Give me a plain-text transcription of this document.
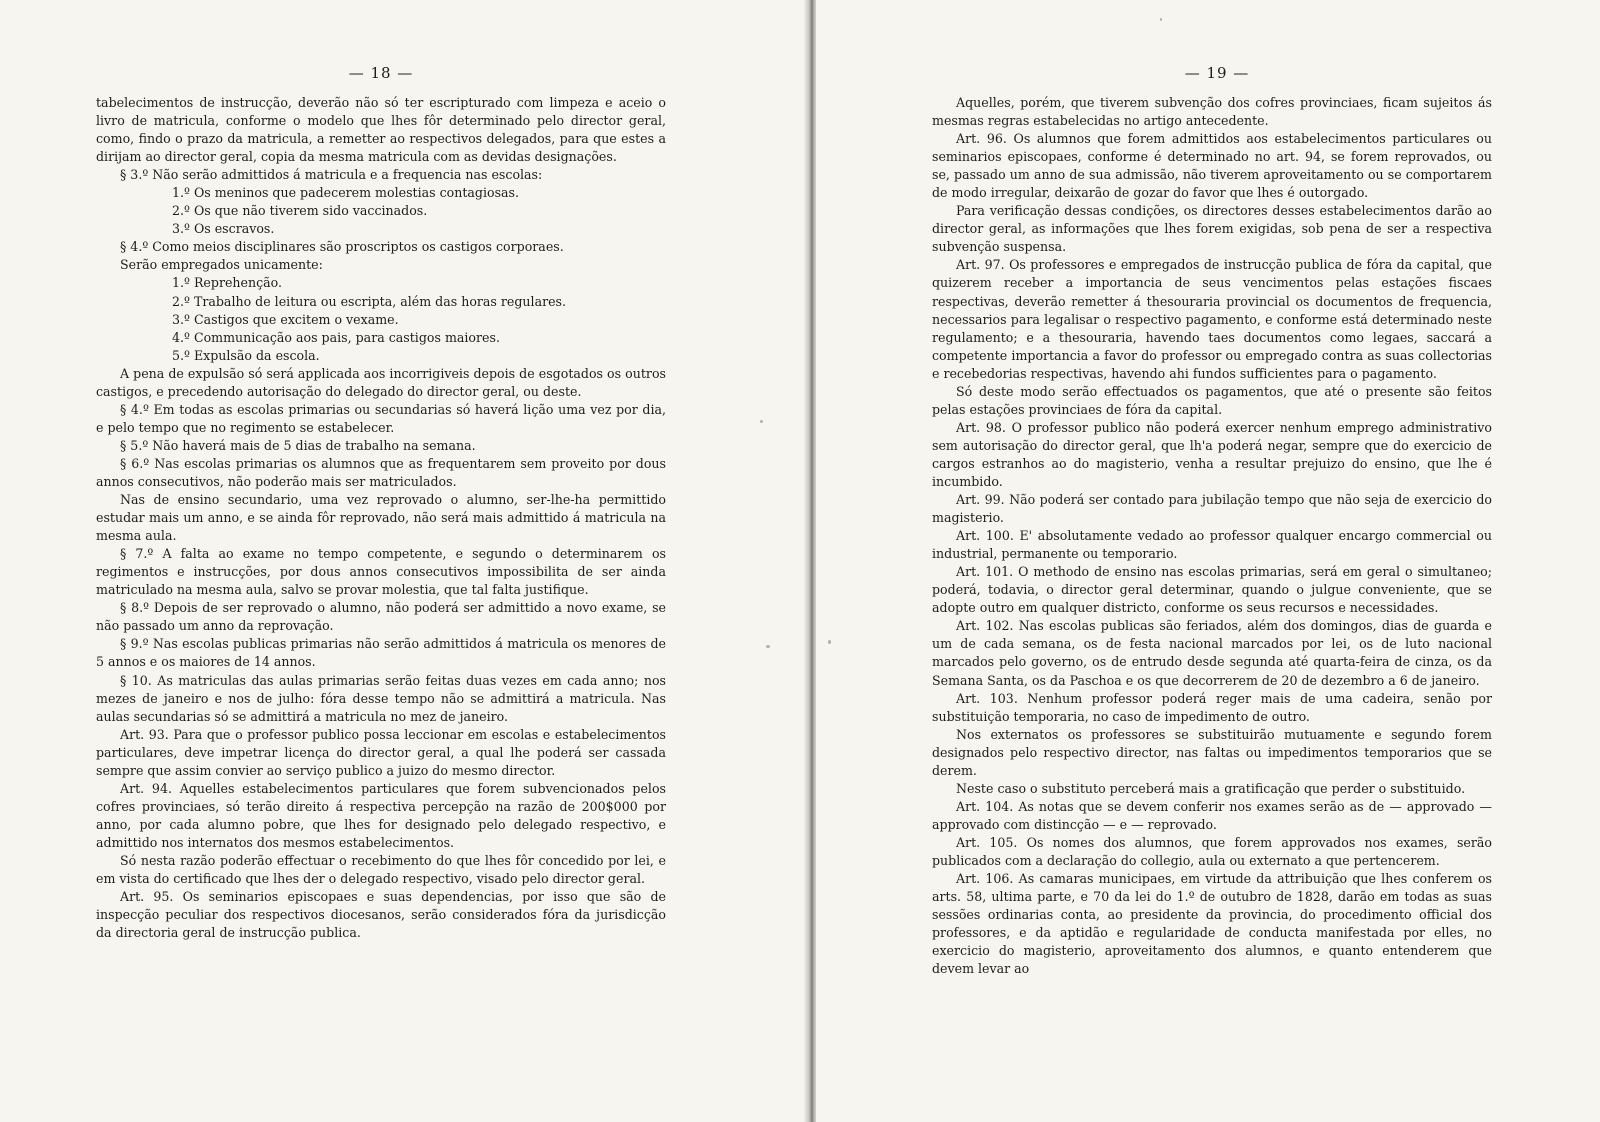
— 18 —

tabelecimentos de instrucção, deverão não só ter escripturado com limpeza e aceio o livro de matricula, conforme o modelo que lhes fôr determinado pelo director geral, como, findo o prazo da matricula, a remetter ao respectivos delegados, para que estes a dirijam ao director geral, copia da mesma matricula com as devidas designações.

§ 3.º Não serão admittidos á matricula e a frequencia nas escolas:

1.º Os meninos que padecerem molestias contagiosas.

2.º Os que não tiverem sido vaccinados.

3.º Os escravos.

§ 4.º Como meios disciplinares são proscriptos os castigos corporaes.

Serão empregados unicamente:

1.º Reprehenção.

2.º Trabalho de leitura ou escripta, além das horas regulares.

3.º Castigos que excitem o vexame.

4.º Communicação aos pais, para castigos maiores.

5.º Expulsão da escola.

A pena de expulsão só será applicada aos incorrigiveis depois de esgotados os outros castigos, e precedendo autorisação do delegado do director geral, ou deste.

§ 4.º Em todas as escolas primarias ou secundarias só haverá lição uma vez por dia, e pelo tempo que no regimento se estabelecer.

§ 5.º Não haverá mais de 5 dias de trabalho na semana.

§ 6.º Nas escolas primarias os alumnos que as frequentarem sem proveito por dous annos consecutivos, não poderão mais ser matriculados.

Nas de ensino secundario, uma vez reprovado o alumno, ser-lhe-ha permittido estudar mais um anno, e se ainda fôr reprovado, não será mais admittido á matricula na mesma aula.

§ 7.º A falta ao exame no tempo competente, e segundo o determinarem os regimentos e instrucções, por dous annos consecutivos impossibilita de ser ainda matriculado na mesma aula, salvo se provar molestia, que tal falta justifique.

§ 8.º Depois de ser reprovado o alumno, não poderá ser admittido a novo exame, se não passado um anno da reprovação.

§ 9.º Nas escolas publicas primarias não serão admittidos á matricula os menores de 5 annos e os maiores de 14 annos.

§ 10. As matriculas das aulas primarias serão feitas duas vezes em cada anno; nos mezes de janeiro e nos de julho: fóra desse tempo não se admittirá a matricula. Nas aulas secundarias só se admittirá a matricula no mez de janeiro.

Art. 93. Para que o professor publico possa leccionar em escolas e estabelecimentos particulares, deve impetrar licença do director geral, a qual lhe poderá ser cassada sempre que assim convier ao serviço publico a juizo do mesmo director.

Art. 94. Aquelles estabelecimentos particulares que forem subvencionados pelos cofres provinciaes, só terão direito á respectiva percepção na razão de 200$000 por anno, por cada alumno pobre, que lhes for designado pelo delegado respectivo, e admittido nos internatos dos mesmos estabelecimentos.

Só nesta razão poderão effectuar o recebimento do que lhes fôr concedido por lei, e em vista do certificado que lhes der o delegado respectivo, visado pelo director geral.

Art. 95. Os seminarios episcopaes e suas dependencias, por isso que são de inspecção peculiar dos respectivos diocesanos, serão considerados fóra da jurisdicção da directoria geral de instrucção publica.

— 19 —

Aquelles, porém, que tiverem subvenção dos cofres provinciaes, ficam sujeitos ás mesmas regras estabelecidas no artigo antecedente.

Art. 96. Os alumnos que forem admittidos aos estabelecimentos particulares ou seminarios episcopaes, conforme é determinado no art. 94, se forem reprovados, ou se, passado um anno de sua admissão, não tiverem aproveitamento ou se comportarem de modo irregular, deixarão de gozar do favor que lhes é outorgado.

Para verificação dessas condições, os directores desses estabelecimentos darão ao director geral, as informações que lhes forem exigidas, sob pena de ser a respectiva subvenção suspensa.

Art. 97. Os professores e empregados de instrucção publica de fóra da capital, que quizerem receber a importancia de seus vencimentos pelas estações fiscaes respectivas, deverão remetter á thesouraria provincial os documentos de frequencia, necessarios para legalisar o respectivo pagamento, e conforme está determinado neste regulamento; e a thesouraria, havendo taes documentos como legaes, saccará a competente importancia a favor do professor ou empregado contra as suas collectorias e recebedorias respectivas, havendo ahi fundos sufficientes para o pagamento.

Só deste modo serão effectuados os pagamentos, que até o presente são feitos pelas estações provinciaes de fóra da capital.

Art. 98. O professor publico não poderá exercer nenhum emprego administrativo sem autorisação do director geral, que lh'a poderá negar, sempre que do exercicio de cargos estranhos ao do magisterio, venha a resultar prejuizo do ensino, que lhe é incumbido.

Art. 99. Não poderá ser contado para jubilação tempo que não seja de exercicio do magisterio.

Art. 100. E' absolutamente vedado ao professor qualquer encargo commercial ou industrial, permanente ou temporario.

Art. 101. O methodo de ensino nas escolas primarias, será em geral o simultaneo; poderá, todavia, o director geral determinar, quando o julgue conveniente, que se adopte outro em qualquer districto, conforme os seus recursos e necessidades.

Art. 102. Nas escolas publicas são feriados, além dos domingos, dias de guarda e um de cada semana, os de festa nacional marcados por lei, os de luto nacional marcados pelo governo, os de entrudo desde segunda até quarta-feira de cinza, os da Semana Santa, os da Paschoa e os que decorrerem de 20 de dezembro a 6 de janeiro.

Art. 103. Nenhum professor poderá reger mais de uma cadeira, senão por substituição temporaria, no caso de impedimento de outro.

Nos externatos os professores se substituirão mutuamente e segundo forem designados pelo respectivo director, nas faltas ou impedimentos temporarios que se derem.

Neste caso o substituto perceberá mais a gratificação que perder o substituido.

Art. 104. As notas que se devem conferir nos exames serão as de — approvado — approvado com distincção — e — reprovado.

Art. 105. Os nomes dos alumnos, que forem approvados nos exames, serão publicados com a declaração do collegio, aula ou externato a que pertencerem.

Art. 106. As camaras municipaes, em virtude da attribuição que lhes conferem os arts. 58, ultima parte, e 70 da lei do 1.º de outubro de 1828, darão em todas as suas sessões ordinarias conta, ao presidente da provincia, do procedimento official dos professores, e da aptidão e regularidade de conducta manifestada por elles, no exercicio do magisterio, aproveitamento dos alumnos, e quanto entenderem que devem levar ao
